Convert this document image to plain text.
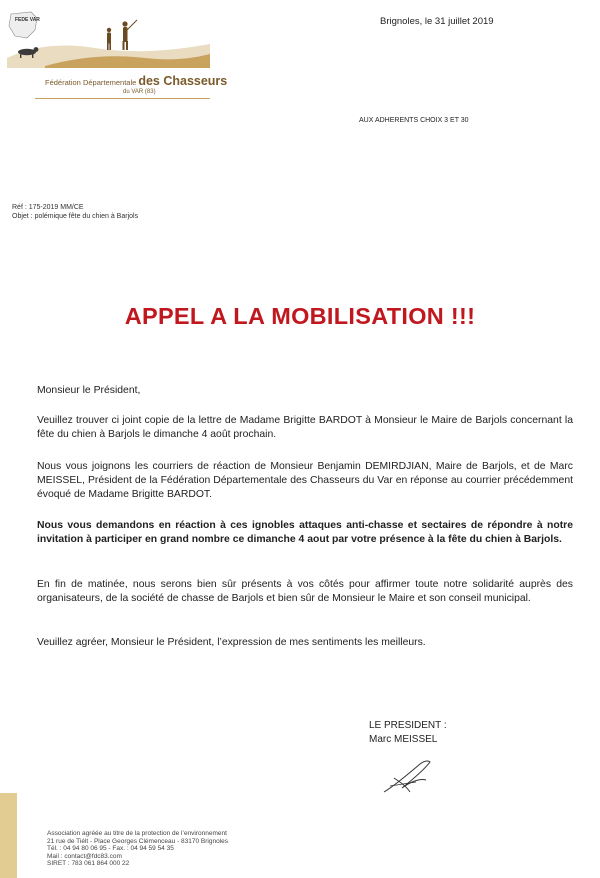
FEDE VAR
Fédération Départementale des Chasseurs
du VAR (83)
Brignoles, le 31 juillet 2019
AUX ADHERENTS CHOIX 3 ET 30
Réf : 175-2019 MM/CE
Objet : polémique fête du chien à Barjols
APPEL A LA MOBILISATION !!!

Monsieur le Président,

Veuillez trouver ci joint copie de la lettre de Madame Brigitte BARDOT à Monsieur le Maire de Barjols concernant la fête du chien à Barjols le dimanche 4 août prochain.

Nous vous joignons les courriers de réaction de Monsieur Benjamin DEMIRDJIAN, Maire de Barjols, et de Marc MEISSEL, Président de la Fédération Départementale des Chasseurs du Var en réponse au courrier précédemment évoqué de Madame Brigitte BARDOT.

Nous vous demandons en réaction à ces ignobles attaques anti-chasse et sectaires de répondre à notre invitation à participer en grand nombre ce dimanche 4 aout par votre présence à la fête du chien à Barjols.

En fin de matinée, nous serons bien sûr présents à vos côtés pour affirmer toute notre solidarité auprès des organisateurs, de la société de chasse de Barjols et bien sûr de Monsieur le Maire et son conseil municipal.

Veuillez agréer, Monsieur le Président, l’expression de mes sentiments les meilleurs.

LE PRESIDENT :
Marc MEISSEL
Association agréée au titre de la protection de l’environnement
21 rue de Tiélt - Place Georges Clémenceau - 83170 Brignoles
Tél. : 04 94 80 06 95 - Fax. : 04 94 59 54 35
Mail : contact@fdc83.com
SIRET : 783 061 864 000 22
